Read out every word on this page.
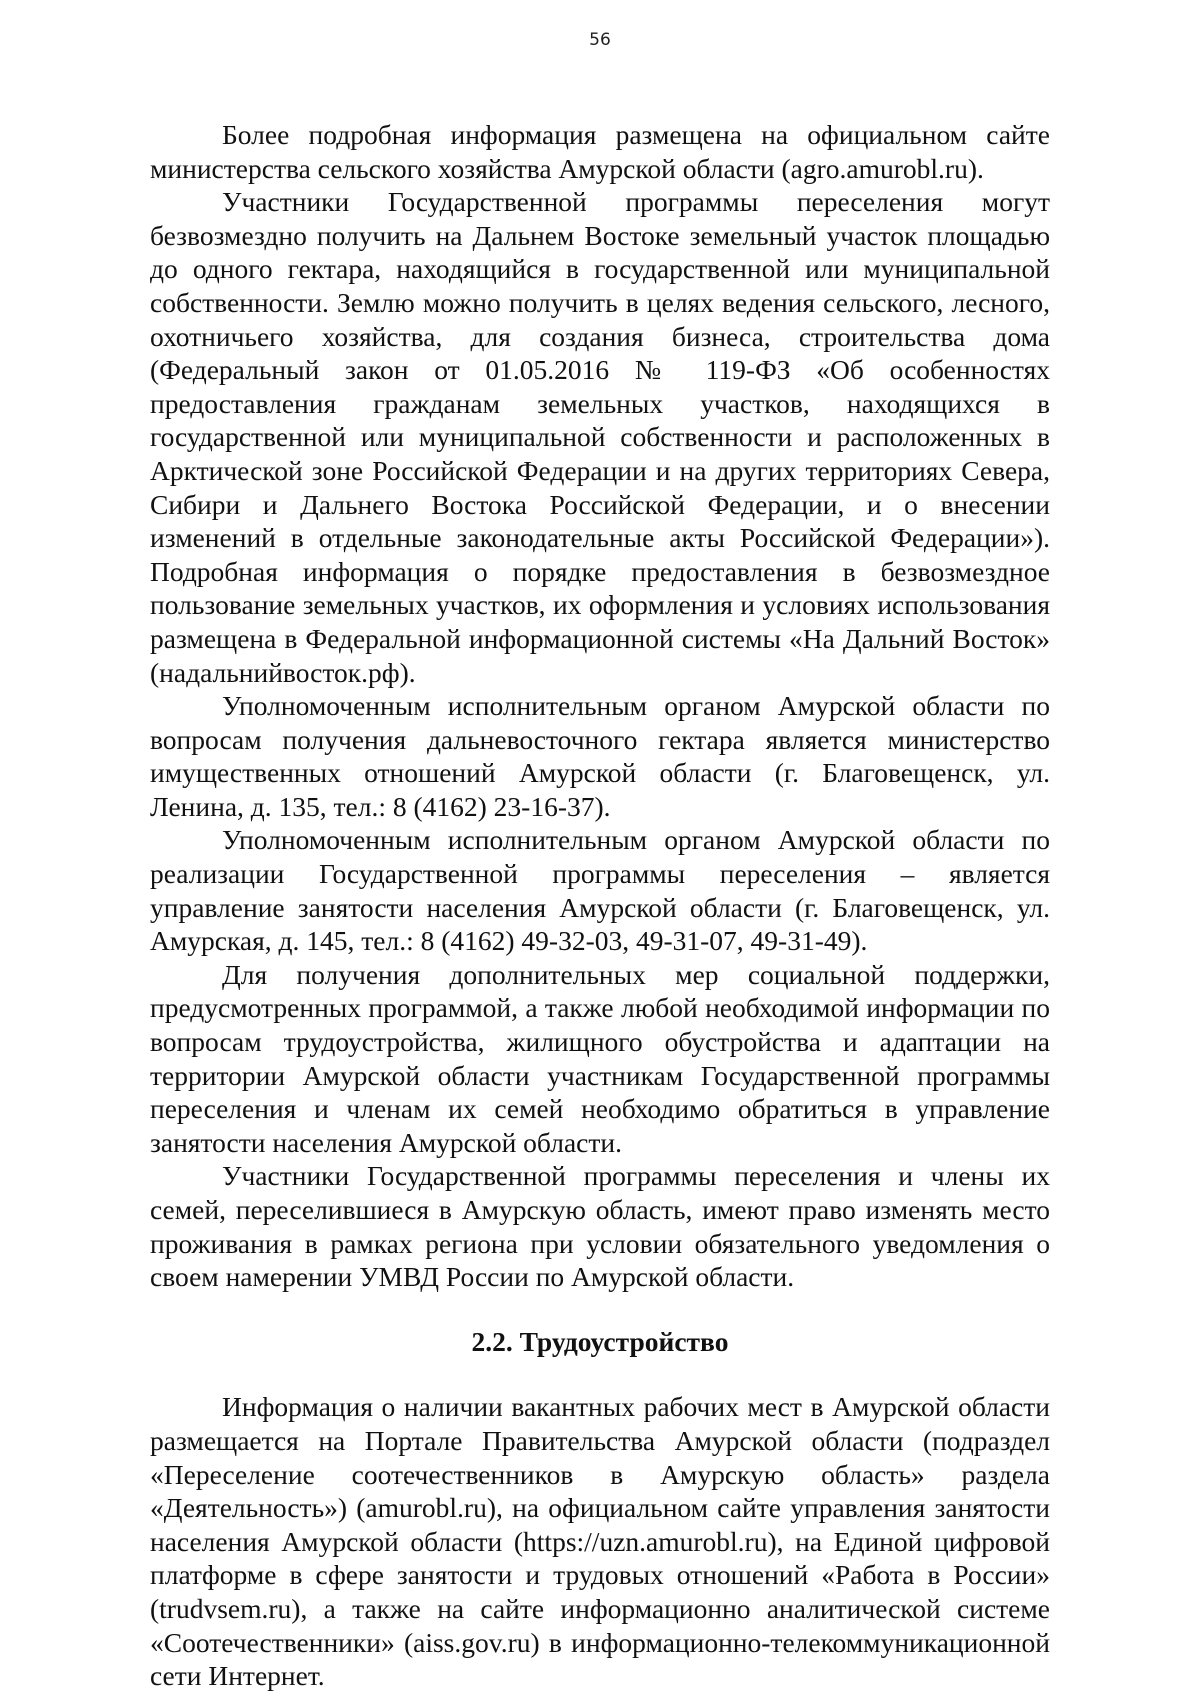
56

Более подробная информация размещена на официальном сайте министерства сельского хозяйства Амурской области (agro.amurobl.ru).

Участники Государственной программы переселения могут безвозмездно получить на Дальнем Востоке земельный участок площадью до одного гектара, находящийся в государственной или муниципальной собственности. Землю можно получить в целях ведения сельского, лесного, охотничьего хозяйства, для создания бизнеса, строительства дома (Федеральный закон от 01.05.2016 № 119-ФЗ «Об особенностях предоставления гражданам земельных участков, находящихся в государственной или муниципальной собственности и расположенных в Арктической зоне Российской Федерации и на других территориях Севера, Сибири и Дальнего Востока Российской Федерации, и о внесении изменений в отдельные законодательные акты Российской Федерации»). Подробная информация о порядке предоставления в безвозмездное пользование земельных участков, их оформления и условиях использования размещена в Федеральной информационной системы «На Дальний Восток» (надальнийвосток.рф).

Уполномоченным исполнительным органом Амурской области по вопросам получения дальневосточного гектара является министерство имущественных отношений Амурской области (г. Благовещенск, ул. Ленина, д. 135, тел.: 8 (4162) 23-16-37).

Уполномоченным исполнительным органом Амурской области по реализации Государственной программы переселения – является управление занятости населения Амурской области (г. Благовещенск, ул. Амурская, д. 145, тел.: 8 (4162) 49-32-03, 49-31-07, 49-31-49).

Для получения дополнительных мер социальной поддержки, предусмотренных программой, а также любой необходимой информации по вопросам трудоустройства, жилищного обустройства и адаптации на территории Амурской области участникам Государственной программы переселения и членам их семей необходимо обратиться в управление занятости населения Амурской области.

Участники Государственной программы переселения и члены их семей, переселившиеся в Амурскую область, имеют право изменять место проживания в рамках региона при условии обязательного уведомления о своем намерении УМВД России по Амурской области.

2.2. Трудоустройство

Информация о наличии вакантных рабочих мест в Амурской области размещается на Портале Правительства Амурской области (подраздел «Переселение соотечественников в Амурскую область» раздела «Деятельность») (amurobl.ru), на официальном сайте управления занятости населения Амурской области (https://uzn.amurobl.ru), на Единой цифровой платформе в сфере занятости и трудовых отношений «Работа в России» (trudvsem.ru), а также на сайте информационно аналитической системе «Соотечественники» (aiss.gov.ru) в информационно-телекоммуникационной сети Интернет.
